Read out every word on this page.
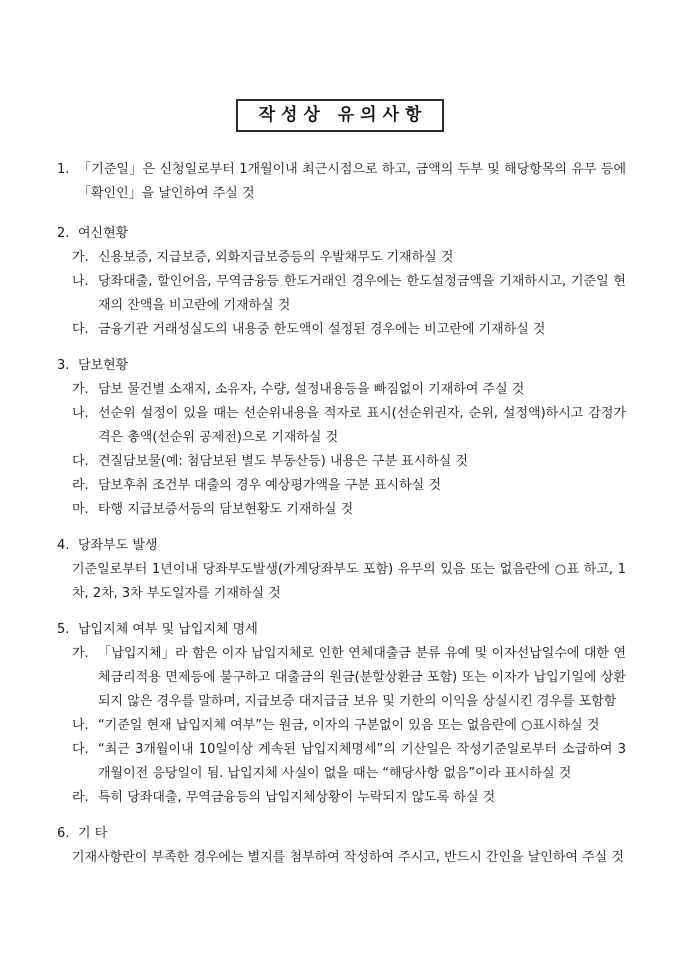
작성상 유의사항
1. 「기준일」은 신청일로부터 1개월이내 최근시점으로 하고, 금액의 두부 및 해당항목의 유무 등에 「확인인」을 날인하여 주실 것

2. 여신현황

가. 신용보증, 지급보증, 외화지급보증등의 우발채무도 기재하실 것

나. 당좌대출, 할인어음, 무역금융등 한도거래인 경우에는 한도설정금액을 기재하시고, 기준일 현재의 잔액을 비고란에 기재하실 것

다. 금융기관 거래성실도의 내용중 한도액이 설정된 경우에는 비고란에 기재하실 것

3. 담보현황

가. 담보 물건별 소재지, 소유자, 수량, 설정내용등을 빠짐없이 기재하여 주실 것

나. 선순위 설정이 있을 때는 선순위내용을 적자로 표시(선순위권자, 순위, 설정액)하시고 감정가격은 총액(선순위 공제전)으로 기재하실 것

다. 견질담보물(예: 첨담보된 별도 부동산등) 내용은 구분 표시하실 것

라. 담보후취 조건부 대출의 경우 예상평가액을 구분 표시하실 것

마. 타행 지급보증서등의 담보현황도 기재하실 것

4. 당좌부도 발생

기준일로부터 1년이내 당좌부도발생(가계당좌부도 포함) 유무의 있음 또는 없음란에 ○표 하고, 1차, 2차, 3차 부도일자를 기재하실 것

5. 납입지체 여부 및 납입지체 명세

가. 「납입지체」라 함은 이자 납입지체로 인한 연체대출금 분류 유예 및 이자선납일수에 대한 연체금리적용 면제등에 불구하고 대출금의 원금(분할상환금 포함) 또는 이자가 납입기일에 상환되지 않은 경우를 말하며, 지급보증 대지급금 보유 및 기한의 이익을 상실시킨 경우를 포함함

나. “기준일 현재 납입지체 여부”는 원금, 이자의 구분없이 있음 또는 없음란에 ○표시하실 것

다. “최근 3개월이내 10일이상 계속된 납입지체명세”의 기산일은 작성기준일로부터 소급하여 3개월이전 응당일이 됨. 납입지체 사실이 없을 때는 “해당사항 없음”이라 표시하실 것

라. 특히 당좌대출, 무역금융등의 납입지체상황이 누락되지 않도록 하실 것

6. 기 타

기재사항란이 부족한 경우에는 별지를 첨부하여 작성하여 주시고, 반드시 간인을 날인하여 주실 것
